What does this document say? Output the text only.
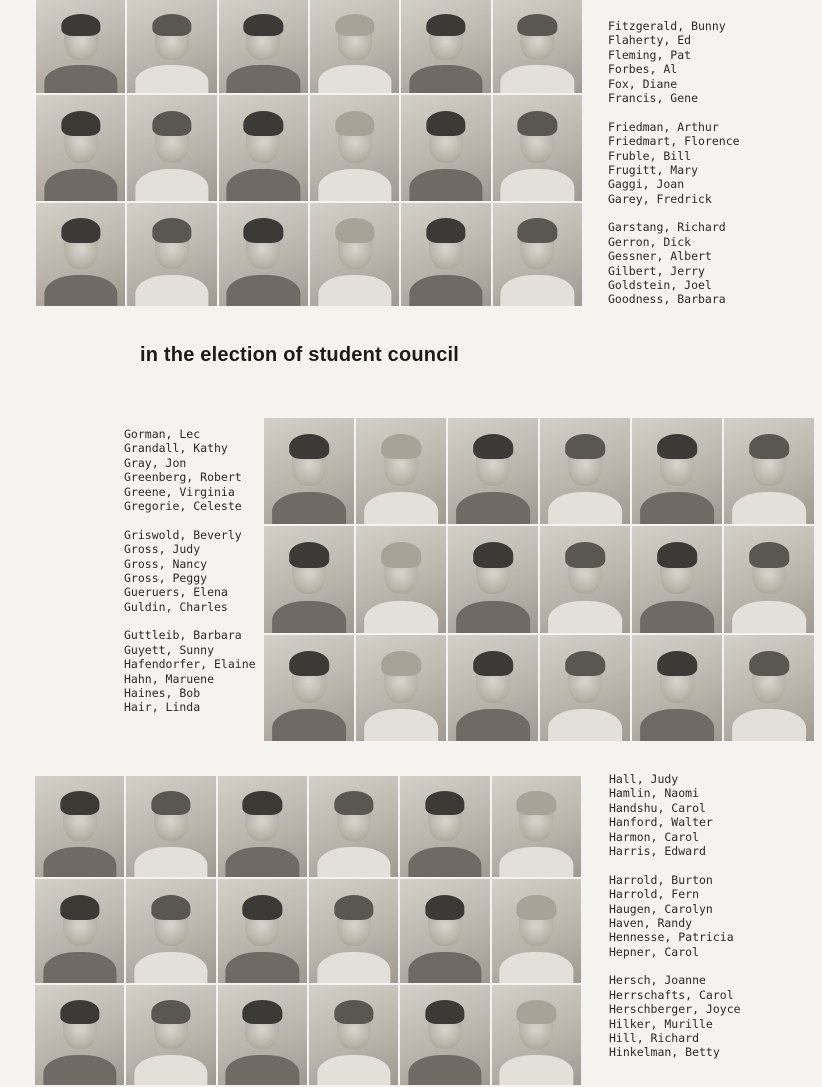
Fitzgerald, Bunny
Flaherty, Ed
Fleming, Pat
Forbes, Al
Fox, Diane
Francis, Gene
Friedman, Arthur
Friedmart, Florence
Fruble, Bill
Frugitt, Mary
Gaggi, Joan
Garey, Fredrick
Garstang, Richard
Gerron, Dick
Gessner, Albert
Gilbert, Jerry
Goldstein, Joel
Goodness, Barbara
in the election of student council
Gorman, Lec
Grandall, Kathy
Gray, Jon
Greenberg, Robert
Greene, Virginia
Gregorie, Celeste
Griswold, Beverly
Gross, Judy
Gross, Nancy
Gross, Peggy
Gueruers, Elena
Guldin, Charles
Guttleib, Barbara
Guyett, Sunny
Hafendorfer, Elaine
Hahn, Maruene
Haines, Bob
Hair, Linda
Hall, Judy
Hamlin, Naomi
Handshu, Carol
Hanford, Walter
Harmon, Carol
Harris, Edward
Harrold, Burton
Harrold, Fern
Haugen, Carolyn
Haven, Randy
Hennesse, Patricia
Hepner, Carol
Hersch, Joanne
Herrschafts, Carol
Herschberger, Joyce
Hilker, Murille
Hill, Richard
Hinkelman, Betty
